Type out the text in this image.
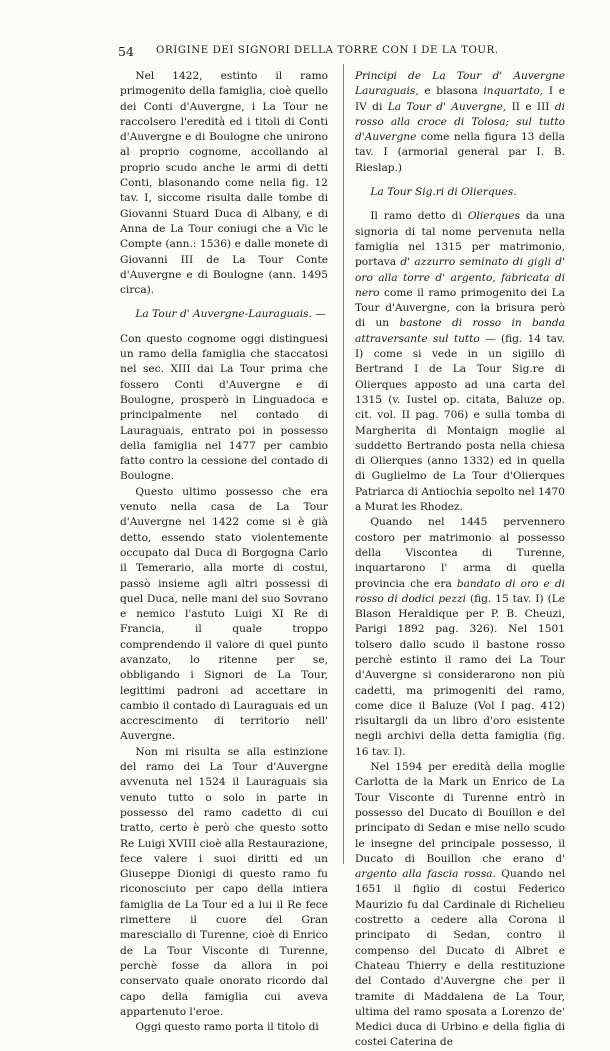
54 ORIGINE DEI SIGNORI DELLA TORRE CON I DE LA TOUR.

Nel 1422, estinto il ramo primogenito della famiglia, cioè quello dei Conti d'Auvergne, i La Tour ne raccolsero l'eredità ed i titoli di Conti d'Auvergne e di Boulogne che unirono al proprio cognome, accollando al proprio scudo anche le armi di detti Conti, blasonando come nella fig. 12 tav. I, siccome risulta dalle tombe di Giovanni Stuard Duca di Albany, e di Anna de La Tour coniugi che a Vic le Compte (ann.: 1536) e dalle monete di Giovanni III de La Tour Conte d'Auvergne e di Boulogne (ann. 1495 circa).

La Tour d' Auvergne-Lauraguais. —

Con questo cognome oggi distinguesi un ramo della famiglia che staccatosi nel sec. XIII dai La Tour prima che fossero Conti d'Auvergne e di Boulogne, prosperò in Linguadoca e principalmente nel contado di Lauraguais, entrato poi in possesso della famiglia nel 1477 per cambio fatto contro la cessione del contado di Boulogne.

Questo ultimo possesso che era venuto nella casa de La Tour d'Auvergne nel 1422 come si è già detto, essendo stato violentemente occupato dal Duca di Borgogna Carlo il Temerario, alla morte di costui, passò insieme agli altri possessi di quel Duca, nelle mani del suo Sovrano e nemico l'astuto Luigi XI Re di Francia, il quale troppo comprendendo il valore di quel punto avanzato, lo ritenne per se, obbligando i Signori de La Tour, legittimi padroni ad accettare in cambio il contado di Lauraguais ed un accrescimento di territorio nell' Auvergne.

Non mi risulta se alla estinzione del ramo dei La Tour d'Auvergne avvenuta nel 1524 il Lauraguais sia venuto tutto o solo in parte in possesso del ramo cadetto di cui tratto, certo è però che questo sotto Re Luigi XVIII cioè alla Restaurazione, fece valere i suoi diritti ed un Giuseppe Dionigi di questo ramo fu riconosciuto per capo della intiera famiglia de La Tour ed a lui il Re fece rimettere il cuore del Gran maresciallo di Turenne, cioè di Enrico de La Tour Visconte di Turenne, perchè fosse da allora in poi conservato quale onorato ricordo dal capo della famiglia cui aveva appartenuto l'eroe.

Oggi questo ramo porta il titolo di

Principi de La Tour d' Auvergne Lauraguais, e blasona inquartato, I e IV di La Tour d' Auvergne, II e III di rosso alla croce di Tolosa; sul tutto d'Auvergne come nella figura 13 della tav. I (armorial general par I. B. Rieslap.)

La Tour Sig.ri di Olierques.

Il ramo detto di Olierques da una signoria di tal nome pervenuta nella famiglia nel 1315 per matrimonio, portava d' azzurro seminato di gigli d' oro alla torre d' argento, fabricata di nero come il ramo primogenito dei La Tour d'Auvergne, con la brisura però di un bastone di rosso in banda attraversante sul tutto — (fig. 14 tav. I) come si vede in un sigillo di Bertrand I de La Tour Sig.re di Olierques apposto ad una carta del 1315 (v. Iustel op. citata, Baluze op. cit. vol. II pag. 706) e sulla tomba di Margherita di Montaign moglie al suddetto Bertrando posta nella chiesa di Olierques (anno 1332) ed in quella di Guglielmo de La Tour d'Olierques Patriarca di Antiochia sepolto nel 1470 a Murat les Rhodez.

Quando nel 1445 pervennero costoro per matrimonio al possesso della Viscontea di Turenne, inquartarono l' arma di quella provincia che era bandato di oro e di rosso di dodici pezzi (fig. 15 tav. I) (Le Blason Heraldique per P. B. Cheuzi, Parigi 1892 pag. 326). Nel 1501 tolsero dallo scudo il bastone rosso perchè estinto il ramo dei La Tour d'Auvergne si considerarono non più cadetti, ma primogeniti del ramo, come dice il Baluze (Vol I pag. 412) risultargli da un libro d'oro esistente negli archivi della detta famiglia (fig. 16 tav. I).

Nel 1594 per eredità della moglie Carlotta de la Mark un Enrico de La Tour Visconte di Turenne entrò in possesso del Ducato di Bouillon e del principato di Sedan e mise nello scudo le insegne del principale possesso, il Ducato di Bouillon che erano d' argento alla fascia rossa. Quando nel 1651 il figlio di costui Federico Maurizio fu dal Cardinale di Richelieu costretto a cedere alla Corona il principato di Sedan, contro il compenso del Ducato di Albret e Chateau Thierry e della restituzione del Contado d'Auvergne che per il tramite di Maddalena de La Tour, ultima del ramo sposata a Lorenzo de' Medici duca di Urbino e della figlia di costei Caterina de
